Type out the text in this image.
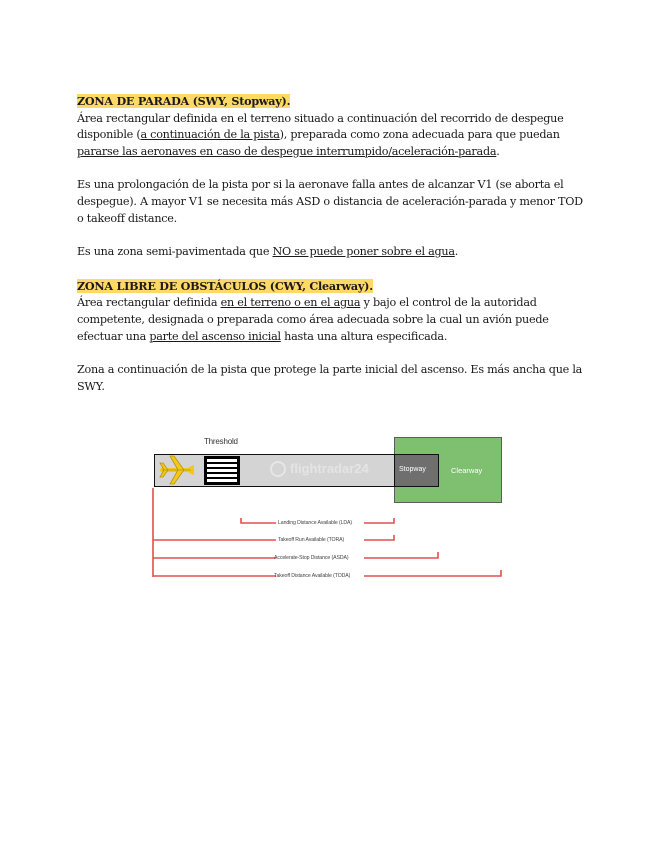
ZONA DE PARADA (SWY, Stopway).

Área rectangular definida en el terreno situado a continuación del recorrido de despegue disponible (a continuación de la pista), preparada como zona adecuada para que puedan pararse las aeronaves en caso de despegue interrumpido/aceleración-parada.

Es una prolongación de la pista por si la aeronave falla antes de alcanzar V1 (se aborta el despegue). A mayor V1 se necesita más ASD o distancia de aceleración-parada y menor TOD o takeoff distance.

Es una zona semi-pavimentada que NO se puede poner sobre el agua.

ZONA LIBRE DE OBSTÁCULOS (CWY, Clearway).

Área rectangular definida en el terreno o en el agua y bajo el control de la autoridad competente, designada o preparada como área adecuada sobre la cual un avión puede efectuar una parte del ascenso inicial hasta una altura especificada.

Zona a continuación de la pista que protege la parte inicial del ascenso. Es más ancha que la SWY.

Threshold
Clearway
flightradar24	Stopway
Landing Distance Available (LDA)
Takeoff Run Available (TORA)
Accelerate-Stop Distance (ASDA)
Takeoff Distance Available (TODA)
